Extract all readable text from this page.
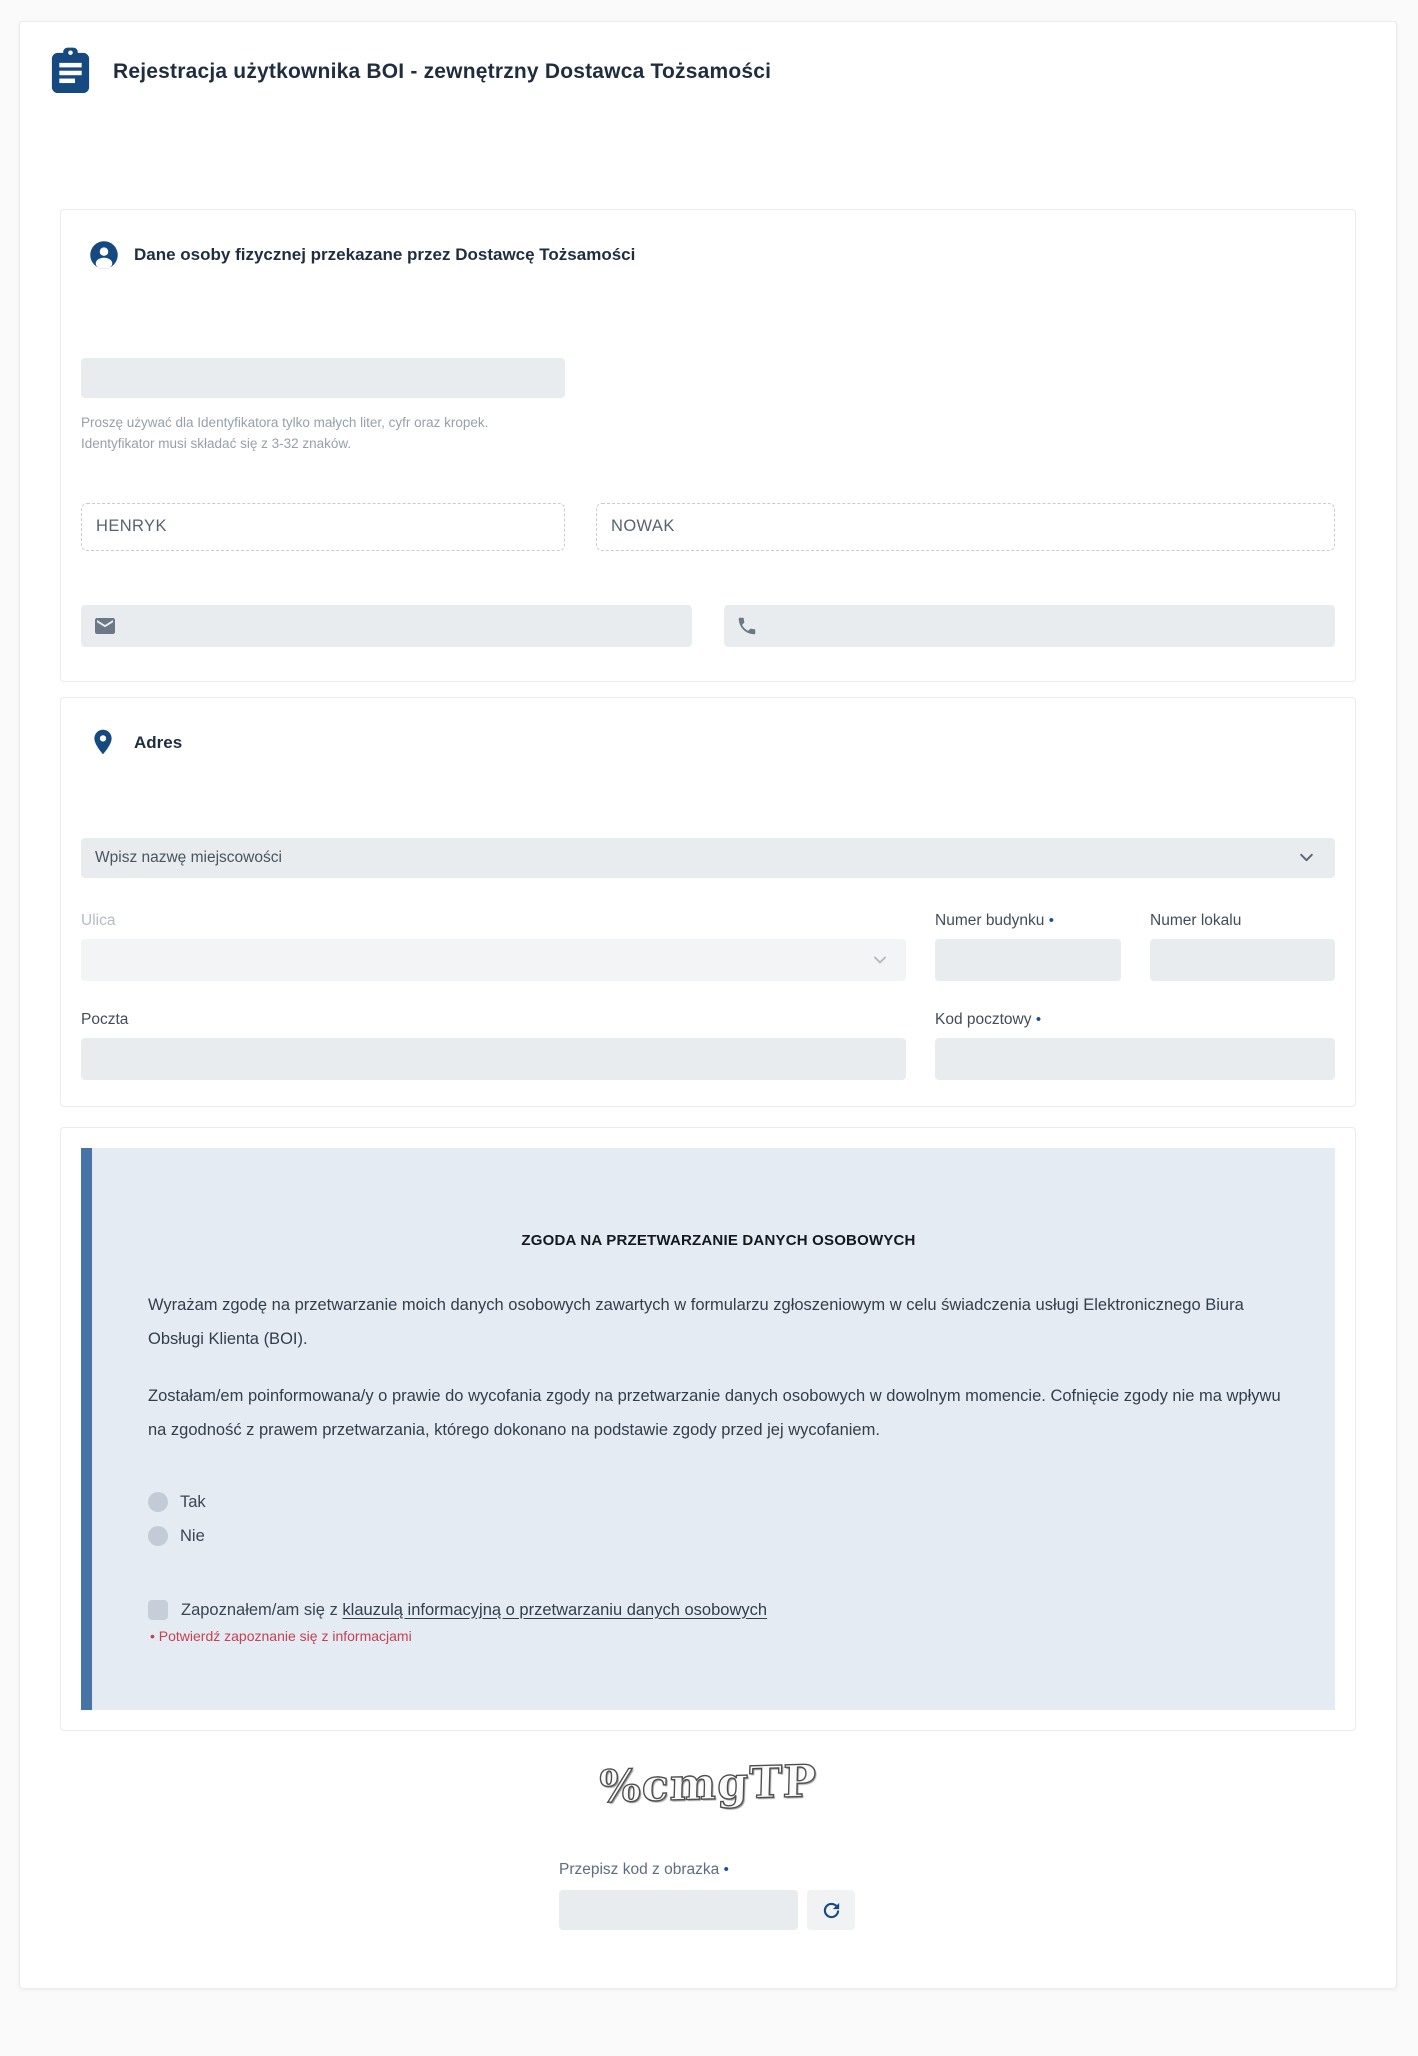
Rejestracja użytkownika BOI - zewnętrzny Dostawca Tożsamości
Dane osoby fizycznej przekazane przez Dostawcę Tożsamości

Proszę używać dla Identyfikatora tylko małych liter, cyfr oraz kropek. Identyfikator musi składać się z 3-32 znaków.

HENRYK
NOWAK
Adres
Wpisz nazwę miejscowości
Ulica	Numer budynku •	Numer lokalu
Poczta	Kod pocztowy •
ZGODA NA PRZETWARZANIE DANYCH OSOBOWYCH

Wyrażam zgodę na przetwarzanie moich danych osobowych zawartych w formularzu zgłoszeniowym w celu świadczenia usługi Elektronicznego Biura Obsługi Klienta (BOI).

Zostałam/em poinformowana/y o prawie do wycofania zgody na przetwarzanie danych osobowych w dowolnym momencie. Cofnięcie zgody nie ma wpływu na zgodność z prawem przetwarzania, którego dokonano na podstawie zgody przed jej wycofaniem.

Tak
Nie
Zapoznałem/am się z klauzulą informacyjną o przetwarzaniu danych osobowych
• Potwierdź zapoznanie się z informacjami
%cmgTP
Przepisz kod z obrazka •
